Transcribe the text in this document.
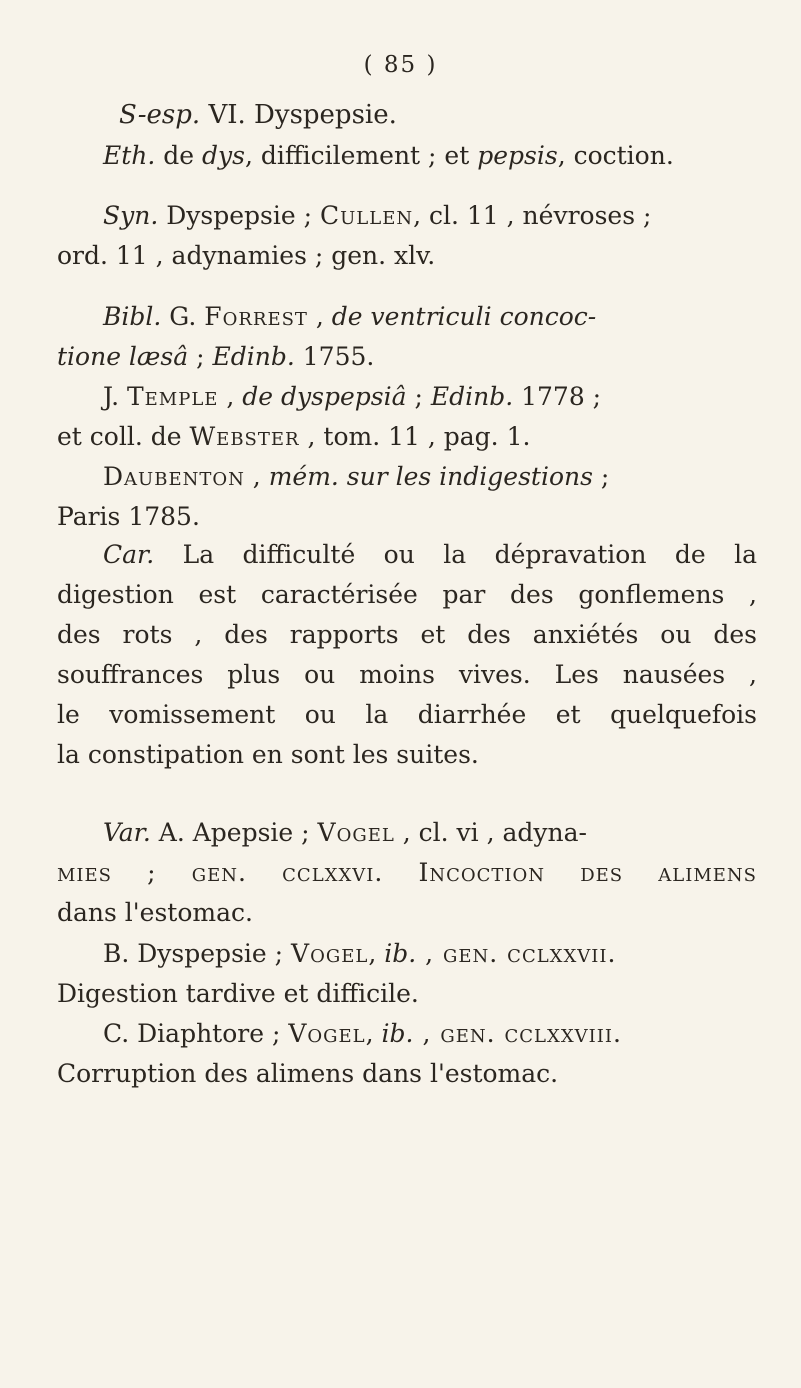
( 85 )
S-esp. VI. Dyspepsie.
Eth. de dys, difficilement ; et pepsis, coction.
Syn. Dyspepsie ; Cullen, cl. 11 , névroses ;
ord. 11 , adynamies ; gen. xlv.
Bibl. G. Forrest , de ventriculi concoc-
tione læsâ ; Edinb. 1755.
J. Temple , de dyspepsiâ ; Edinb. 1778 ;
et coll. de Webster , tom. 11 , pag. 1.
Daubenton , mém. sur les indigestions ;
Paris 1785.
Car. La difficulté ou la dépravation de la
digestion est caractérisée par des gonflemens ,
des rots , des rapports et des anxiétés ou des
souffrances plus ou moins vives. Les nausées ,
le vomissement ou la diarrhée et quelquefois
la constipation en sont les suites.
Var. A. Apepsie ; Vogel , cl. vi , adyna-
mies ; gen. cclxxvi. Incoction des alimens
dans l'estomac.
B. Dyspepsie ; Vogel, ib. , gen. cclxxvii.
Digestion tardive et difficile.
C. Diaphtore ; Vogel, ib. , gen. cclxxviii.
Corruption des alimens dans l'estomac.
